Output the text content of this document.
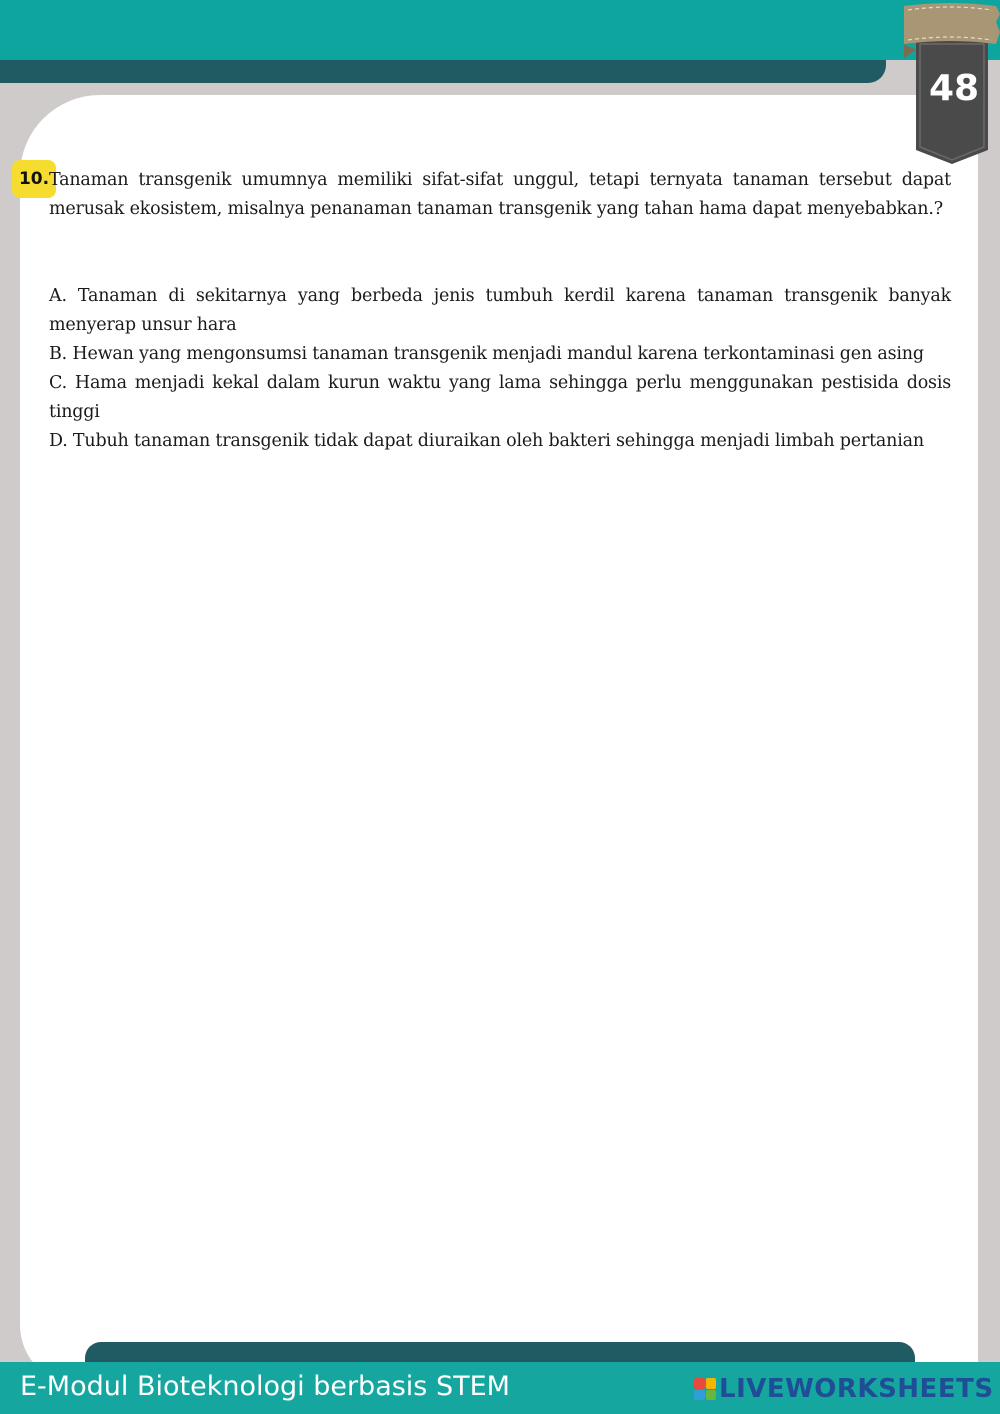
48
10. Tanaman transgenik umumnya memiliki sifat-sifat unggul, tetapi ternyata tanaman tersebut dapat merusak ekosistem, misalnya penanaman tanaman transgenik yang tahan hama dapat menyebabkan.?

A. Tanaman di sekitarnya yang berbeda jenis tumbuh kerdil karena tanaman transgenik banyak menyerap unsur hara

B. Hewan yang mengonsumsi tanaman transgenik menjadi mandul karena terkontaminasi gen asing

C. Hama menjadi kekal dalam kurun waktu yang lama sehingga perlu menggunakan pestisida dosis tinggi

D. Tubuh tanaman transgenik tidak dapat diuraikan oleh bakteri sehingga menjadi limbah pertanian

E-Modul Bioteknologi berbasis STEM	LIVEWORKSHEETS
